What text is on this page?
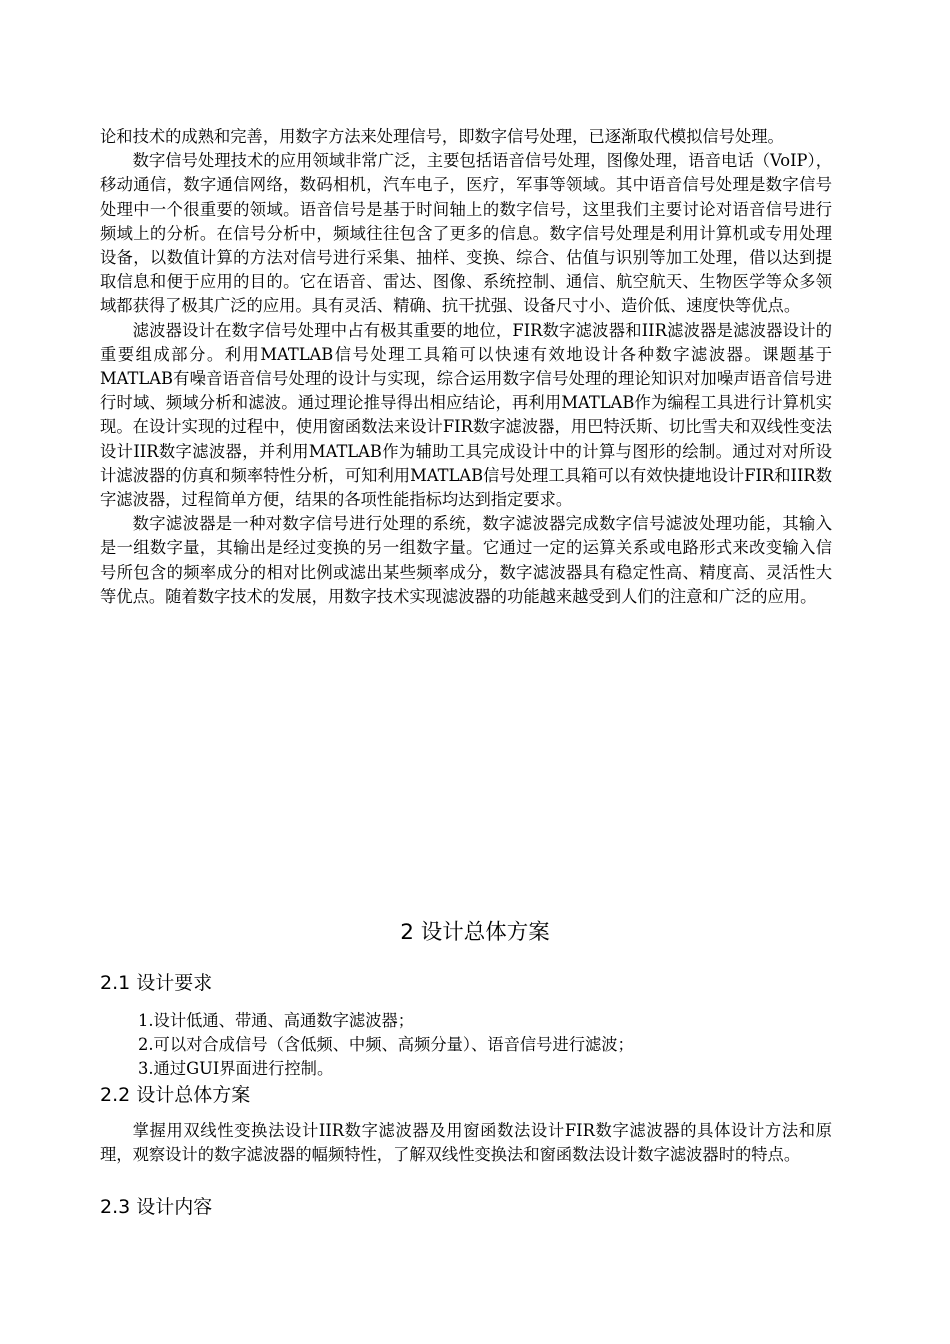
论和技术的成熟和完善，用数字方法来处理信号，即数字信号处理，已逐渐取代模拟信号处理。

数字信号处理技术的应用领域非常广泛，主要包括语音信号处理，图像处理，语音电话（VoIP），移动通信，数字通信网络，数码相机，汽车电子，医疗，军事等领域。其中语音信号处理是数字信号处理中一个很重要的领域。语音信号是基于时间轴上的数字信号，这里我们主要讨论对语音信号进行频域上的分析。在信号分析中，频域往往包含了更多的信息。数字信号处理是利用计算机或专用处理设备，以数值计算的方法对信号进行采集、抽样、变换、综合、估值与识别等加工处理，借以达到提取信息和便于应用的目的。它在语音、雷达、图像、系统控制、通信、航空航天、生物医学等众多领域都获得了极其广泛的应用。具有灵活、精确、抗干扰强、设备尺寸小、造价低、速度快等优点。

滤波器设计在数字信号处理中占有极其重要的地位，FIR数字滤波器和IIR滤波器是滤波器设计的重要组成部分。利用MATLAB信号处理工具箱可以快速有效地设计各种数字滤波器。课题基于MATLAB有噪音语音信号处理的设计与实现，综合运用数字信号处理的理论知识对加噪声语音信号进行时域、频域分析和滤波。通过理论推导得出相应结论，再利用MATLAB作为编程工具进行计算机实现。在设计实现的过程中，使用窗函数法来设计FIR数字滤波器，用巴特沃斯、切比雪夫和双线性变法设计IIR数字滤波器，并利用MATLAB作为辅助工具完成设计中的计算与图形的绘制。通过对对所设计滤波器的仿真和频率特性分析，可知利用MATLAB信号处理工具箱可以有效快捷地设计FIR和IIR数字滤波器，过程简单方便，结果的各项性能指标均达到指定要求。

数字滤波器是一种对数字信号进行处理的系统，数字滤波器完成数字信号滤波处理功能，其输入是一组数字量，其输出是经过变换的另一组数字量。它通过一定的运算关系或电路形式来改变输入信号所包含的频率成分的相对比例或滤出某些频率成分，数字滤波器具有稳定性高、精度高、灵活性大等优点。随着数字技术的发展，用数字技术实现滤波器的功能越来越受到人们的注意和广泛的应用。

2 设计总体方案
2.1 设计要求
1.设计低通、带通、高通数字滤波器；
2.可以对合成信号（含低频、中频、高频分量）、语音信号进行滤波；
3.通过GUI界面进行控制。
2.2 设计总体方案

掌握用双线性变换法设计IIR数字滤波器及用窗函数法设计FIR数字滤波器的具体设计方法和原理，观察设计的数字滤波器的幅频特性，了解双线性变换法和窗函数法设计数字滤波器时的特点。

2.3 设计内容
